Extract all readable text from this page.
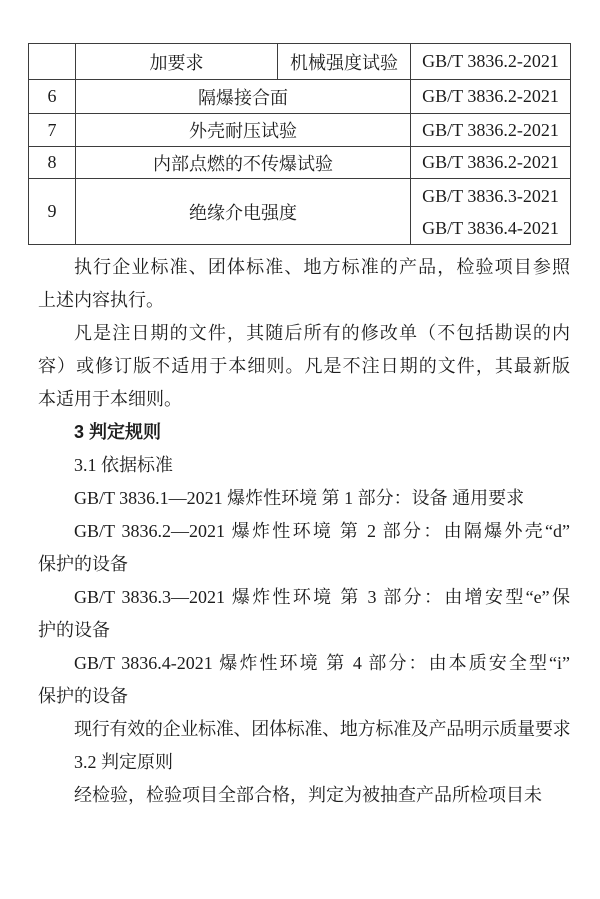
	加要求	机械强度试验	GB/T 3836.2-2021
6	隔爆接合面		GB/T 3836.2-2021
7	外壳耐压试验		GB/T 3836.2-2021
8	内部点燃的不传爆试验		GB/T 3836.2-2021
9	绝缘介电强度		GB/T 3836.3-2021
GB/T 3836.4-2021
执行企业标准、团体标准、地方标准的产品，检验项目参照
上述内容执行。
凡是注日期的文件，其随后所有的修改单（不包括勘误的内
容）或修订版不适用于本细则。凡是不注日期的文件，其最新版
本适用于本细则。
3 判定规则
3.1 依据标准
GB/T 3836.1—2021 爆炸性环境 第 1 部分：设备 通用要求
GB/T 3836.2—2021 爆炸性环境 第 2 部分：由隔爆外壳“d”
保护的设备
GB/T 3836.3—2021 爆炸性环境 第 3 部分：由增安型“e”保
护的设备
GB/T 3836.4-2021 爆炸性环境 第 4 部分：由本质安全型“i”
保护的设备
现行有效的企业标准、团体标准、地方标准及产品明示质量要求
3.2 判定原则
经检验，检验项目全部合格，判定为被抽查产品所检项目未
